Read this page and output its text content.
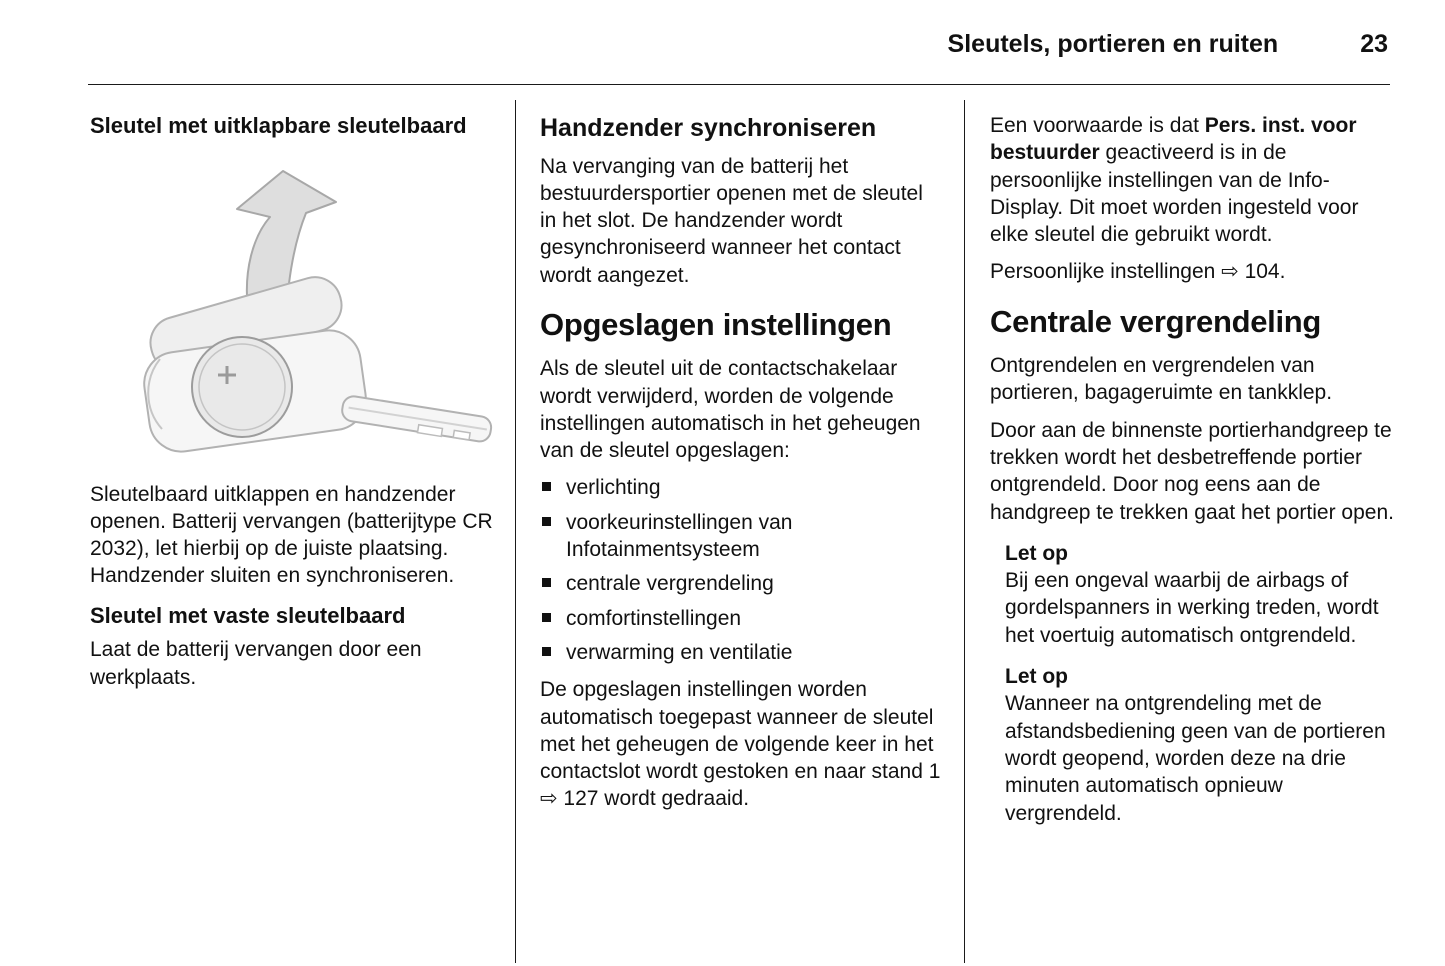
Sleutels, portieren en ruiten	23
Sleutel met uitklapbare sleutelbaard

Sleutelbaard uitklappen en handzender openen. Batterij vervangen (batterijtype CR 2032), let hierbij op de juiste plaatsing. Handzender sluiten en synchroniseren.

Sleutel met vaste sleutelbaard

Laat de batterij vervangen door een werkplaats.

Handzender synchroniseren

Na vervanging van de batterij het bestuurdersportier openen met de sleutel in het slot. De handzender wordt gesynchroniseerd wanneer het contact wordt aangezet.

Opgeslagen instellingen

Als de sleutel uit de contactschakelaar wordt verwijderd, worden de volgende instellingen automatisch in het geheugen van de sleutel opgeslagen:

verlichting
voorkeurinstellingen van Infotainmentsysteem
centrale vergrendeling
comfortinstellingen
verwarming en ventilatie

De opgeslagen instellingen worden automatisch toegepast wanneer de sleutel met het geheugen de volgende keer in het contactslot wordt gestoken en naar stand 1 ⇨ 127 wordt gedraaid.

Een voorwaarde is dat Pers. inst. voor bestuurder geactiveerd is in de persoonlijke instellingen van de Info-Display. Dit moet worden ingesteld voor elke sleutel die gebruikt wordt.

Persoonlijke instellingen ⇨ 104.

Centrale vergrendeling

Ontgrendelen en vergrendelen van portieren, bagageruimte en tankklep.

Door aan de binnenste portierhandgreep te trekken wordt het desbetreffende portier ontgrendeld. Door nog eens aan de handgreep te trekken gaat het portier open.

Let op

Bij een ongeval waarbij de airbags of gordelspanners in werking treden, wordt het voertuig automatisch ontgrendeld.

Let op

Wanneer na ontgrendeling met de afstandsbediening geen van de portieren wordt geopend, worden deze na drie minuten automatisch opnieuw vergrendeld.
